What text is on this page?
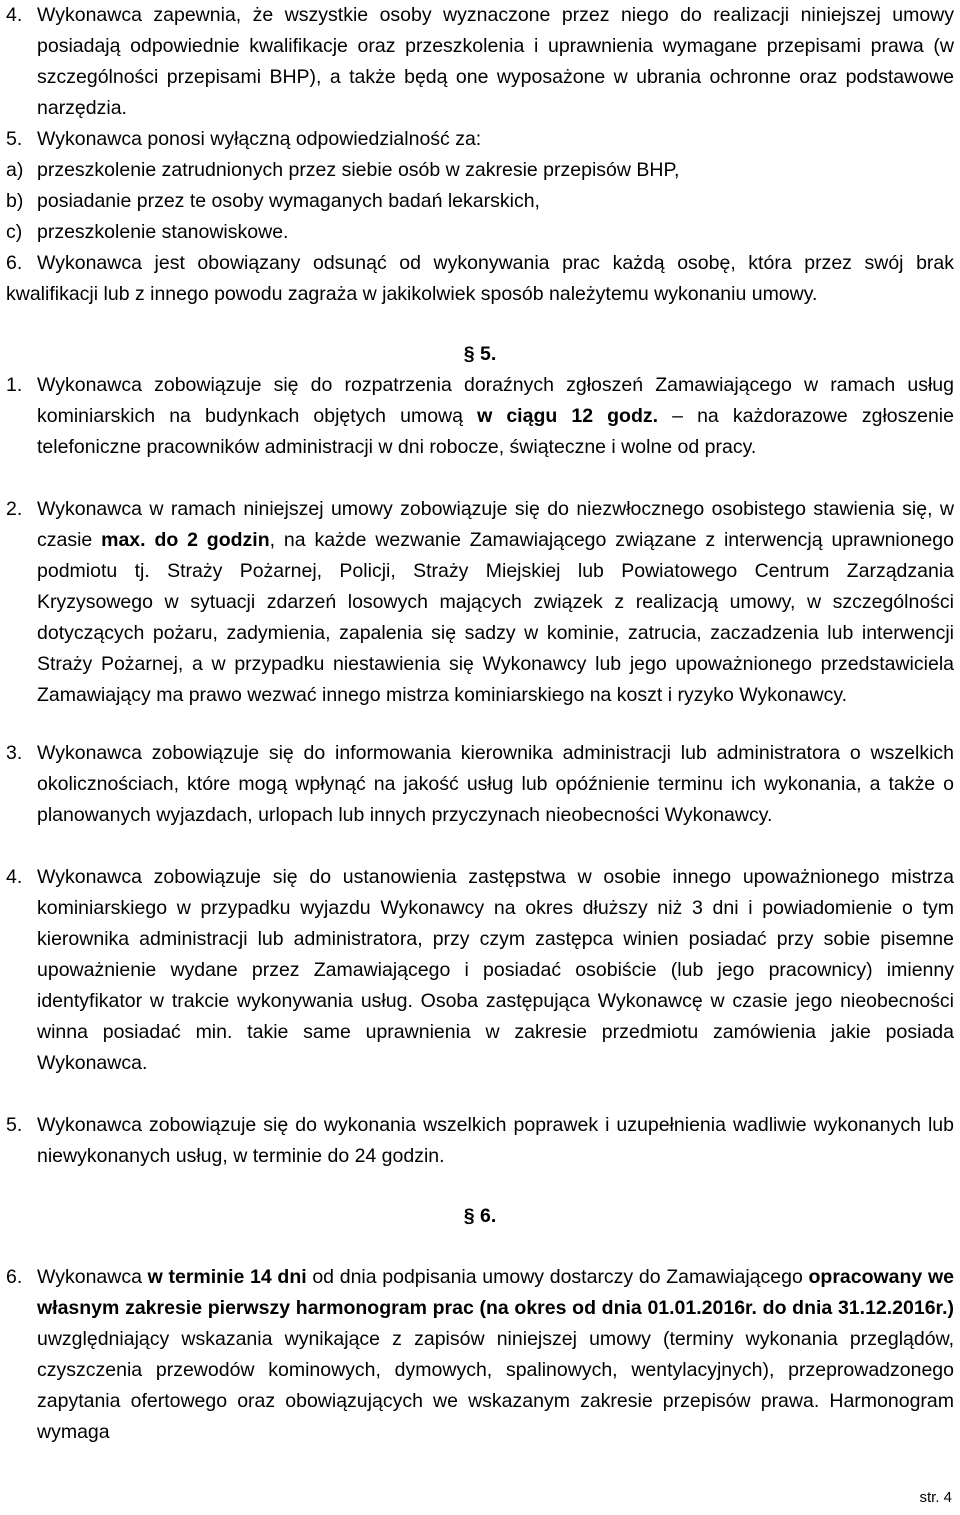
4. Wykonawca zapewnia, że wszystkie osoby wyznaczone przez niego do realizacji niniejszej umowy posiadają odpowiednie kwalifikacje oraz przeszkolenia i uprawnienia wymagane przepisami prawa (w szczególności przepisami BHP), a także będą one wyposażone w ubrania ochronne oraz podstawowe narzędzia.
5. Wykonawca ponosi wyłączną odpowiedzialność za:
a) przeszkolenie zatrudnionych przez siebie osób w zakresie przepisów BHP,
b) posiadanie przez te osoby wymaganych badań lekarskich,
c) przeszkolenie stanowiskowe.
6. Wykonawca jest obowiązany odsunąć od wykonywania prac każdą osobę, która przez swój brak kwalifikacji lub z innego powodu zagraża w jakikolwiek sposób należytemu wykonaniu umowy.
§ 5.
1. Wykonawca zobowiązuje się do rozpatrzenia doraźnych zgłoszeń Zamawiającego w ramach usług kominiarskich na budynkach objętych umową w ciągu 12 godz. – na każdorazowe zgłoszenie telefoniczne pracowników administracji w dni robocze, świąteczne i wolne od pracy.
2. Wykonawca w ramach niniejszej umowy zobowiązuje się do niezwłocznego osobistego stawienia się, w czasie max. do 2 godzin, na każde wezwanie Zamawiającego związane z interwencją uprawnionego podmiotu tj. Straży Pożarnej, Policji, Straży Miejskiej lub Powiatowego Centrum Zarządzania Kryzysowego w sytuacji zdarzeń losowych mających związek z realizacją umowy, w szczególności dotyczących pożaru, zadymienia, zapalenia się sadzy w kominie, zatrucia, zaczadzenia lub interwencji Straży Pożarnej, a w przypadku niestawienia się Wykonawcy lub jego upoważnionego przedstawiciela Zamawiający ma prawo wezwać innego mistrza kominiarskiego na koszt i ryzyko Wykonawcy.
3. Wykonawca zobowiązuje się do informowania kierownika administracji lub administratora o wszelkich okolicznościach, które mogą wpłynąć na jakość usług lub opóźnienie terminu ich wykonania, a także o planowanych wyjazdach, urlopach lub innych przyczynach nieobecności Wykonawcy.
4. Wykonawca zobowiązuje się do ustanowienia zastępstwa w osobie innego upoważnionego mistrza kominiarskiego w przypadku wyjazdu Wykonawcy na okres dłuższy niż 3 dni i powiadomienie o tym kierownika administracji lub administratora, przy czym zastępca winien posiadać przy sobie pisemne upoważnienie wydane przez Zamawiającego i posiadać osobiście (lub jego pracownicy) imienny identyfikator w trakcie wykonywania usług. Osoba zastępująca Wykonawcę w czasie jego nieobecności winna posiadać min. takie same uprawnienia w zakresie przedmiotu zamówienia jakie posiada Wykonawca.
5. Wykonawca zobowiązuje się do wykonania wszelkich poprawek i uzupełnienia wadliwie wykonanych lub niewykonanych usług, w terminie do 24 godzin.
§ 6.
6. Wykonawca w terminie 14 dni od dnia podpisania umowy dostarczy do Zamawiającego opracowany we własnym zakresie pierwszy harmonogram prac (na okres od dnia 01.01.2016r. do dnia 31.12.2016r.) uwzględniający wskazania wynikające z zapisów niniejszej umowy (terminy wykonania przeglądów, czyszczenia przewodów kominowych, dymowych, spalinowych, wentylacyjnych), przeprowadzonego zapytania ofertowego oraz obowiązujących we wskazanym zakresie przepisów prawa. Harmonogram wymaga
str. 4
